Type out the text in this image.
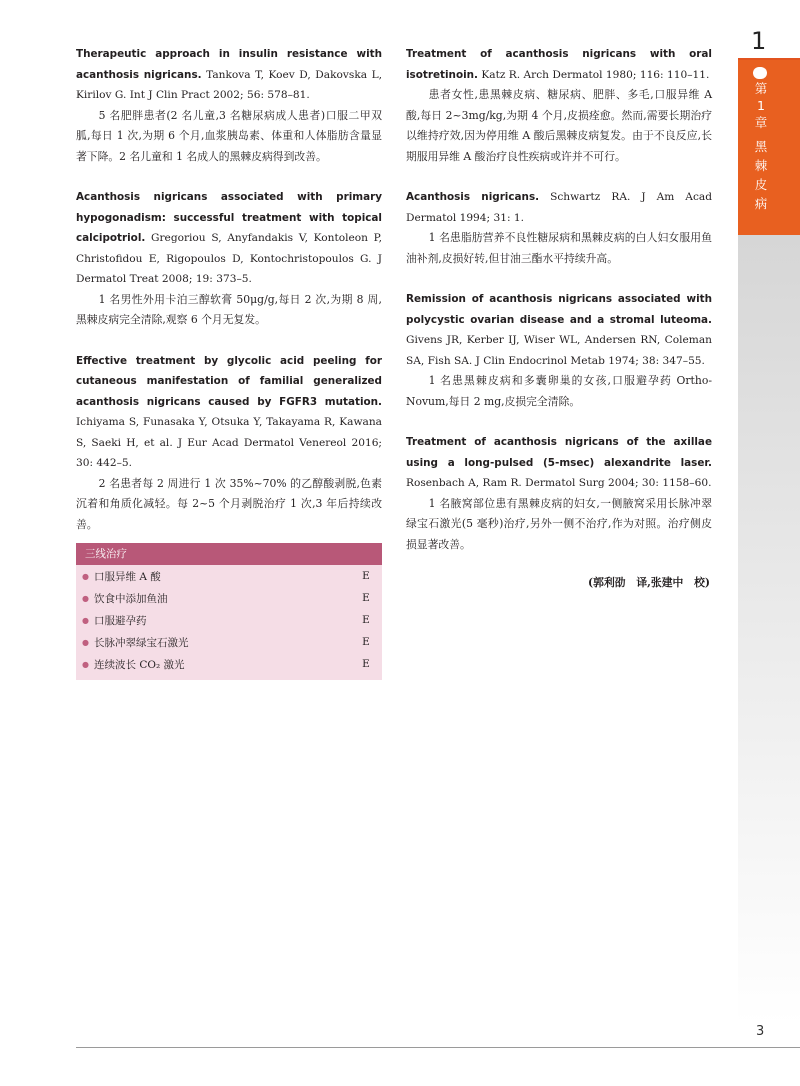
Therapeutic approach in insulin resistance with acanthosis nigricans. Tankova T, Koev D, Dakovska L, Kirilov G. Int J Clin Pract 2002; 56: 578–81.

5 名肥胖患者(2 名儿童,3 名糖尿病成人患者)口服二甲双胍,每日 1 次,为期 6 个月,血浆胰岛素、体重和人体脂肪含量显著下降。2 名儿童和 1 名成人的黑棘皮病得到改善。

Acanthosis nigricans associated with primary hypogonadism: successful treatment with topical calcipotriol. Gregoriou S, Anyfandakis V, Kontoleon P, Christofidou E, Rigopoulos D, Kontochristopoulos G. J Dermatol Treat 2008; 19: 373–5.

1 名男性外用卡泊三醇软膏 50μg/g,每日 2 次,为期 8 周,黑棘皮病完全清除,观察 6 个月无复发。

Effective treatment by glycolic acid peeling for cutaneous manifestation of familial generalized acanthosis nigricans caused by FGFR3 mutation. Ichiyama S, Funasaka Y, Otsuka Y, Takayama R, Kawana S, Saeki H, et al. J Eur Acad Dermatol Venereol 2016; 30: 442–5.

2 名患者每 2 周进行 1 次 35%~70% 的乙醇酸剥脱,色素沉着和角质化减轻。每 2~5 个月剥脱治疗 1 次,3 年后持续改善。

三线治疗
● 口服异维 A 酸	E
● 饮食中添加鱼油	E
● 口服避孕药	E
● 长脉冲翠绿宝石激光	E
● 连续波长 CO₂ 激光	E

Treatment of acanthosis nigricans with oral isotretinoin. Katz R. Arch Dermatol 1980; 116: 110–11.

患者女性,患黑棘皮病、糖尿病、肥胖、多毛,口服异维 A 酸,每日 2~3mg/kg,为期 4 个月,皮损痊愈。然而,需要长期治疗以维持疗效,因为停用维 A 酸后黑棘皮病复发。由于不良反应,长期服用异维 A 酸治疗良性疾病或许并不可行。

Acanthosis nigricans. Schwartz RA. J Am Acad Dermatol 1994; 31: 1.

1 名患脂肪营养不良性糖尿病和黑棘皮病的白人妇女服用鱼油补剂,皮损好转,但甘油三酯水平持续升高。

Remission of acanthosis nigricans associated with polycystic ovarian disease and a stromal luteoma. Givens JR, Kerber IJ, Wiser WL, Andersen RN, Coleman SA, Fish SA. J Clin Endocrinol Metab 1974; 38: 347–55.

1 名患黑棘皮病和多囊卵巢的女孩,口服避孕药 Ortho-Novum,每日 2 mg,皮损完全清除。

Treatment of acanthosis nigricans of the axillae using a long-pulsed (5-msec) alexandrite laser. Rosenbach A, Ram R. Dermatol Surg 2004; 30: 1158–60.

1 名腋窝部位患有黑棘皮病的妇女,一侧腋窝采用长脉冲翠绿宝石激光(5 毫秒)治疗,另外一侧不治疗,作为对照。治疗侧皮损显著改善。

(郭利劭　译,张建中　校)
1
第
1
章
黑
棘
皮
病
3
